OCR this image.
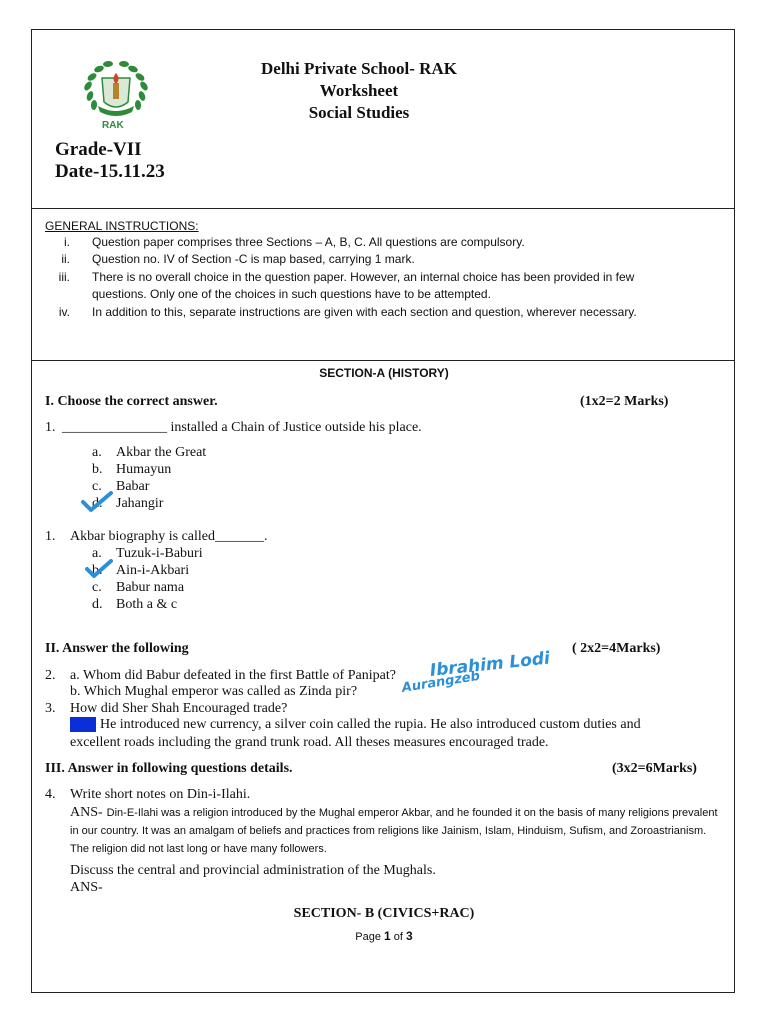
RAK
Delhi Private School- RAK
Worksheet
Social Studies
Grade-VII
Date-15.11.23
GENERAL INSTRUCTIONS:
i. Question paper comprises three Sections – A, B, C. All questions are compulsory.
ii. Question no. IV of Section -C is map based, carrying 1 mark.
iii. There is no overall choice in the question paper. However, an internal choice has been provided in few
questions. Only one of the choices in such questions have to be attempted.
iv. In addition to this, separate instructions are given with each section and question, wherever necessary.
SECTION-A (HISTORY)
I. Choose the correct answer.	(1x2=2 Marks)
1. _______________ installed a Chain of Justice outside his place.
a. Akbar the Great
b. Humayun
c. Babar
d. Jahangir
1. Akbar biography is called_______.
a. Tuzuk-i-Baburi
b. Ain-i-Akbari
c. Babur nama
d. Both a & c
II. Answer the following	( 2x2=4Marks)
2. a. Whom did Babur defeated in the first Battle of Panipat?
b. Which Mughal emperor was called as Zinda pir?
Ibrahim Lodi
Aurangzeb
3. How did Sher Shah Encouraged trade?
Ans: He introduced new currency, a silver coin called the rupia. He also introduced custom duties and
excellent roads including the grand trunk road. All theses measures encouraged trade.
III. Answer in following questions details.	(3x2=6Marks)
4. Write short notes on Din-i-Ilahi.
ANS- Din-E-Ilahi was a religion introduced by the Mughal emperor Akbar, and he founded it on the basis of many religions prevalent in our country. It was an amalgam of beliefs and practices from religions like Jainism, Islam, Hinduism, Sufism, and Zoroastrianism. The religion did not last long or have many followers.
Discuss the central and provincial administration of the Mughals.
ANS-
SECTION- B (CIVICS+RAC)
Page 1 of 3
